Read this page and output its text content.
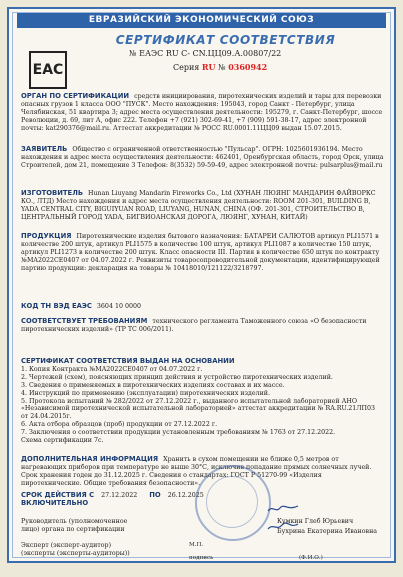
ЕВРАЗИЙСКИЙ ЭКОНОМИЧЕСКИЙ СОЮЗ
ЕАС
СЕРТИФИКАТ СООТВЕТСТВИЯ
№ ЕАЭС RU C- CN.ЦЦ09.А.00807/22
Серия RU № 0360942
ОРГАН ПО СЕРТИФИКАЦИИ средств инициирования, пиротехнических изделий и тары для перевозки опасных грузов 1 класса ООО "ПУСК". Место нахождения: 195043, город Санкт - Петербург, улица Челябинская, 51 квартира 3; адрес места осуществления деятельности: 195279, г. Санкт-Петербург, шоссе Революции, д. 69, лит А, офис 222. Телефон +7 (921) 302-69-41, +7 (909) 591-38-17, адрес электронной почты: kat290376@mail.ru. Аттестат аккредитации № РОСС RU.0001.11ЦЦ09 выдан 15.07.2015.
ЗАЯВИТЕЛЬ Общество с ограниченной ответственностью "Пульсар". ОГРН: 1025601936194. Место нахождения и адрес места осуществления деятельности: 462401, Оренбургская область, город Орск, улица Строителей, дом 21, помещение 3 Телефон: 8(3532) 59-59-49, адрес электронной почты: pulsarplus@mail.ru
ИЗГОТОВИТЕЛЬ Hunan Liuyang Mandarin Fireworks Co., Ltd (ХУНАН ЛЮЯНГ МАНДАРИН ФАЙВОРКС КО., ЛТД) Место нахождения и адрес места осуществления деятельности: ROOM 201-301, BUILDING B, YADA CENTRAL CITY, BIGUIYUAN ROAD, LIUYANG, HUNAN, CHINA (ОФ. 201-301, СТРОИТЕЛЬСТВО B, ЦЕНТРАЛЬНЫЙ ГОРОД YADA, БИГВИОАНСКАЯ ДОРОГА, ЛЮЯНГ, ХУНАН, КИТАЙ)
ПРОДУКЦИЯ Пиротехнические изделия бытового назначения: БАТАРЕИ САЛЮТОВ артикул PLI1571 в количестве 200 штук, артикул PLI1575 в количестве 100 штук, артикул PLI1087 в количестве 150 штук, артикул PLI1273 в количестве 200 штук. Класс опасности III. Партия в количестве 650 штук по контракту №MA2022CE0407 от 04.07.2022 г. Реквизиты товаросопроводительной документации, идентифицирующей партию продукции: декларация на товары № 10418010/121122/3218797.
КОД ТН ВЭД ЕАЭС 3604 10 0000
СООТВЕТСТВУЕТ ТРЕБОВАНИЯМ технического регламента Таможенного союза «О безопасности пиротехнических изделий» (ТР ТС 006/2011).
СЕРТИФИКАТ СООТВЕТСТВИЯ ВЫДАН НА ОСНОВАНИИ
1. Копия Контракта №MA2022CE0407 от 04.07.2022 г.
2. Чертежей (схем), поясняющих принцип действия и устройство пиротехнических изделий.
3. Сведения о применяемых в пиротехнических изделиях составах и их массе.
4. Инструкций по применению (эксплуатации) пиротехнических изделий.
5. Протокола испытаний № 282/2022 от 27.12.2022 г., выданного испытательной лабораторией АНО «Независимой пиротехнической испытательной лабораторией» аттестат аккредитации № RA.RU.21ЛП03 от 24.04.2015г.
6. Акта отбора образцов (проб) продукции от 27.12.2022 г.
7. Заключения о соответствии продукции установленным требованиям № 1763 от 27.12.2022.
Схема сертификации 7с.
ДОПОЛНИТЕЛЬНАЯ ИНФОРМАЦИЯ Хранить в сухом помещении не ближе 0,5 метров от нагревающих приборов при температуре не выше 30°С, исключив попадание прямых солнечных лучей. Срок хранения годен до 31.12.2025 г. Сведения о стандартах: ГОСТ Р 51270-99 «Изделия пиротехнические. Общие требования безопасности».
СРОК ДЕЙСТВИЯ С 27.12.2022 ПО 26.12.2025
ВКЛЮЧИТЕЛЬНО
Руководитель (уполномоченное лицо) органа по сертификации
Кумкин Глеб Юрьевич
Эксперт (эксперт-аудитор) (эксперты (эксперты-аудиторы))
Бухрина Екатерина Ивановна
М.П.
подпись	(Ф.И.О.)
